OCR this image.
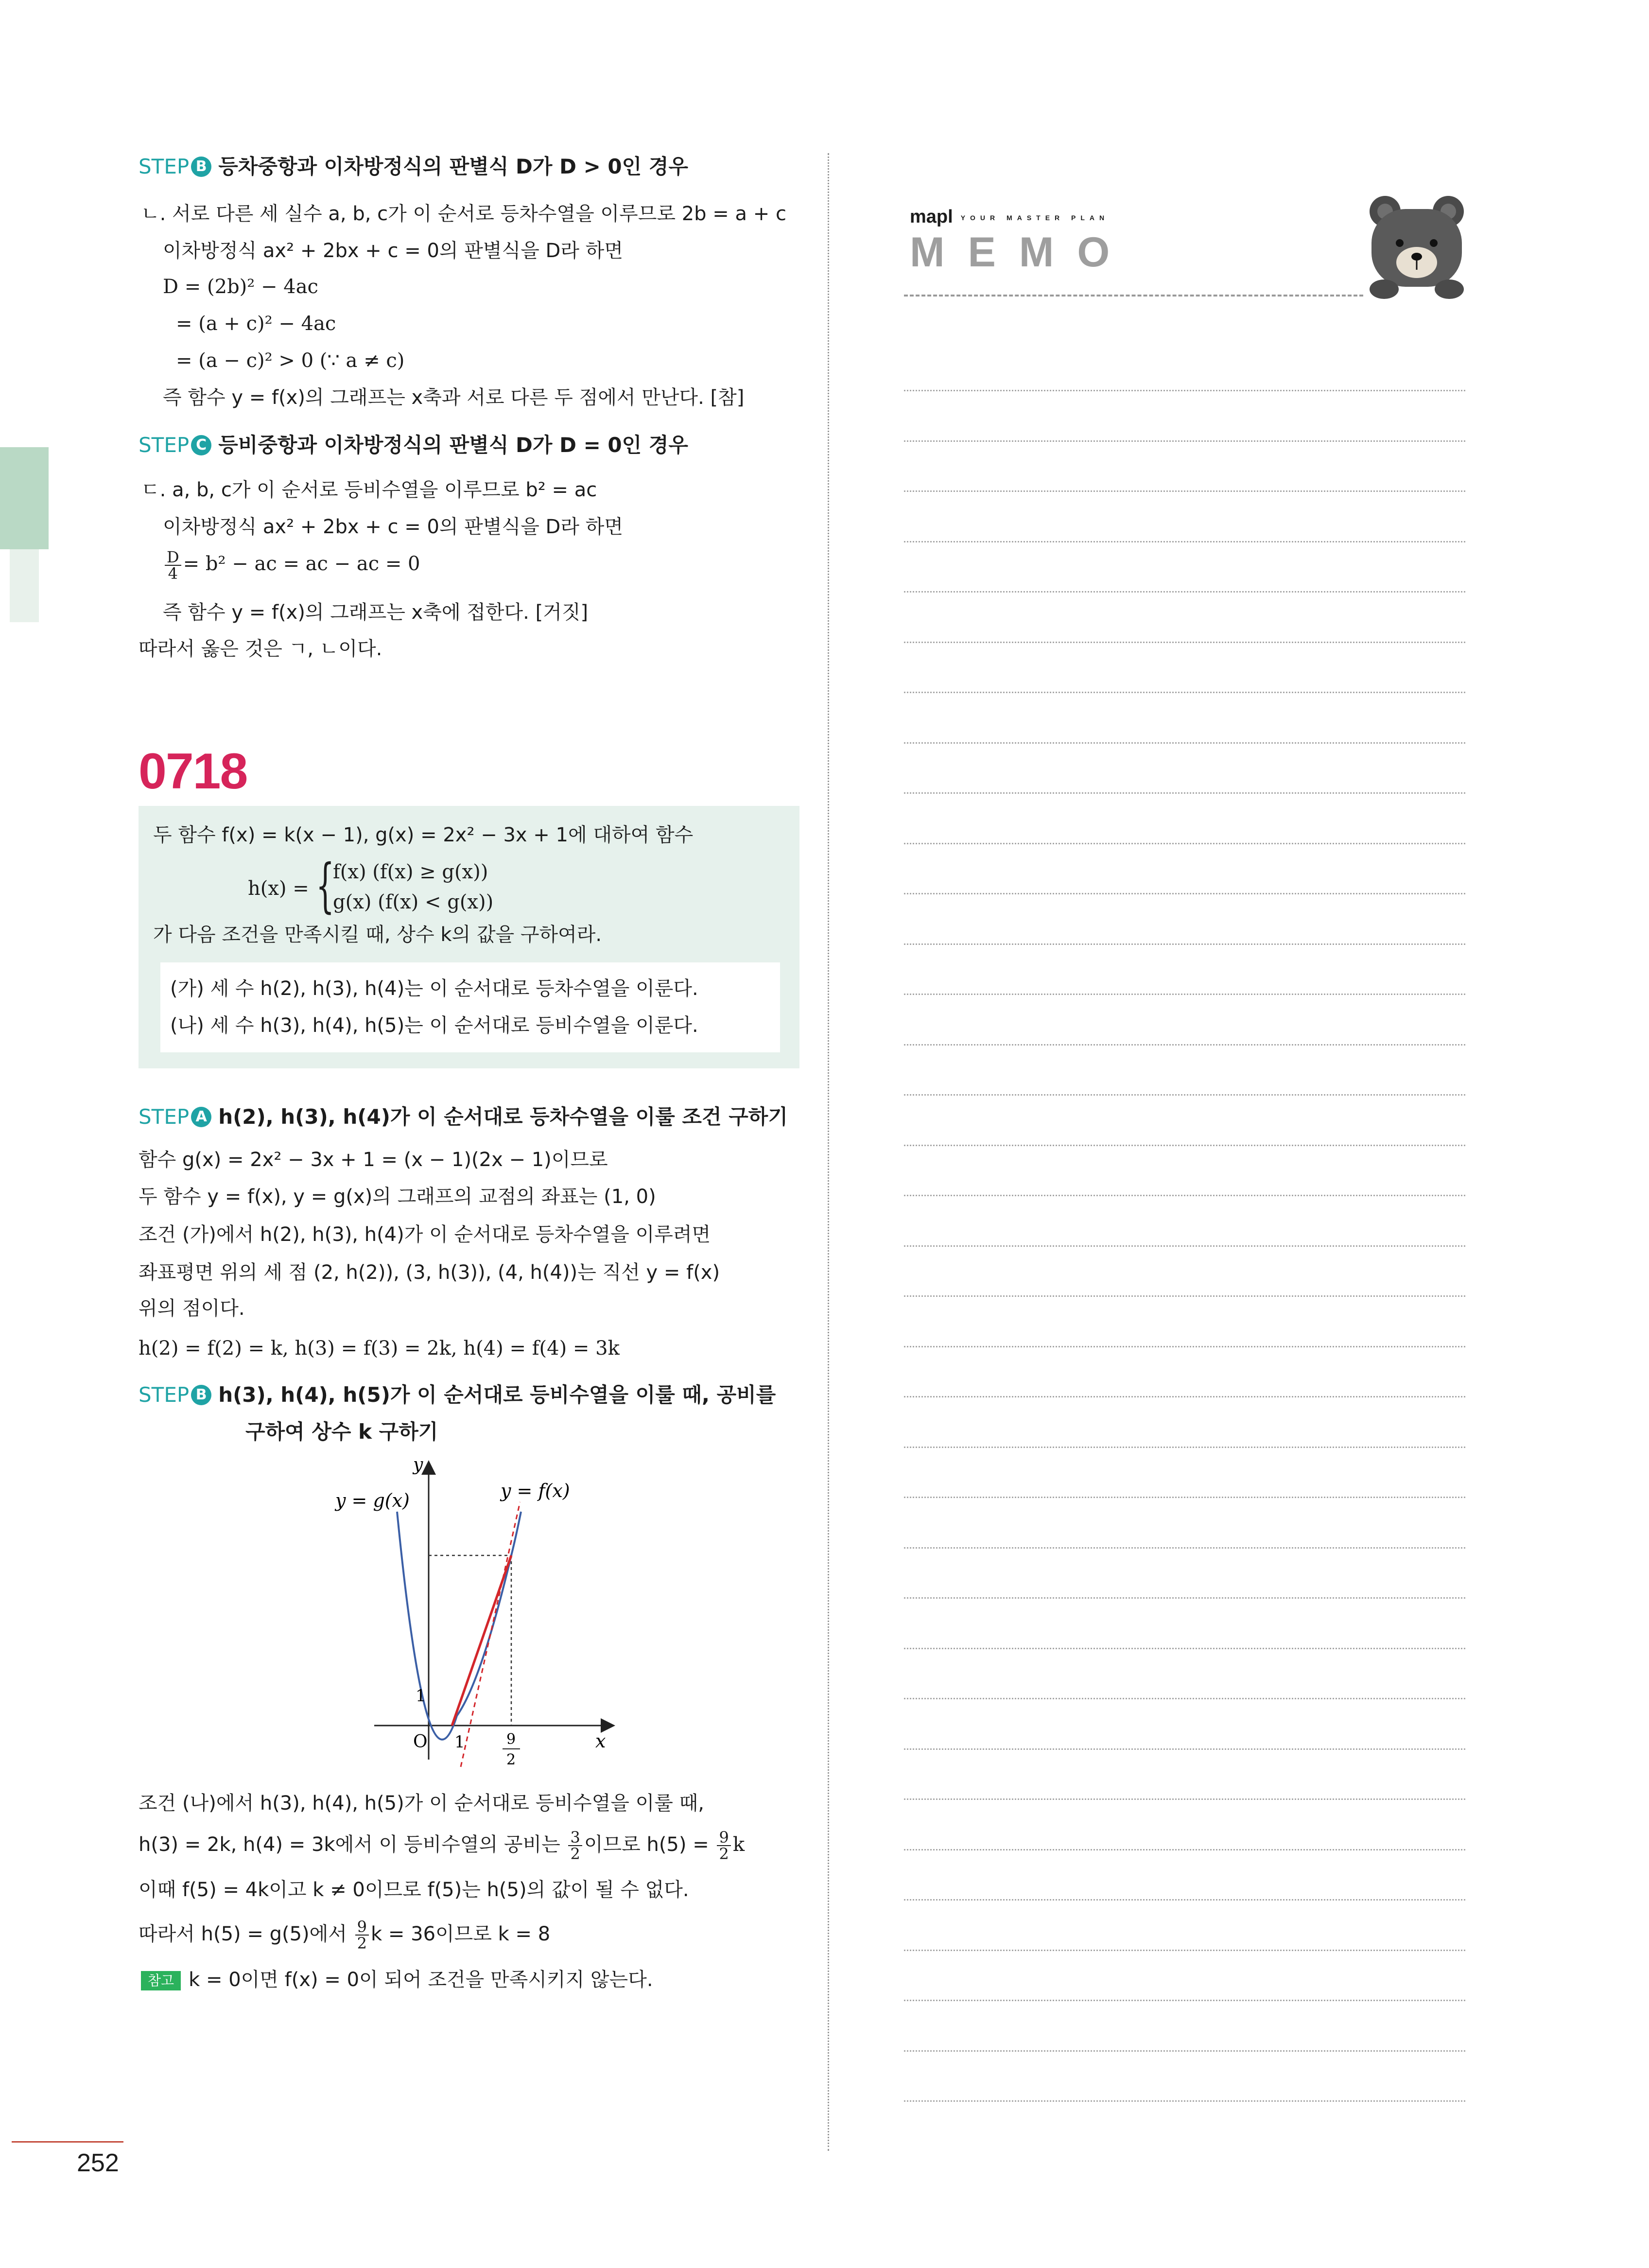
STEP B 등차중항과 이차방정식의 판별식 D가 D > 0인 경우
ㄴ. 서로 다른 세 실수 a, b, c가 이 순서로 등차수열을 이루므로 2b = a + c
이차방정식 ax² + 2bx + c = 0의 판별식을 D라 하면
D = (2b)² − 4ac
= (a + c)² − 4ac
= (a − c)² > 0 (∵ a ≠ c)
즉 함수 y = f(x)의 그래프는 x축과 서로 다른 두 점에서 만난다. [참]
STEP C 등비중항과 이차방정식의 판별식 D가 D = 0인 경우
ㄷ. a, b, c가 이 순서로 등비수열을 이루므로 b² = ac
이차방정식 ax² + 2bx + c = 0의 판별식을 D라 하면
$\frac{D}{4} = b^2$ − ac = ac − ac = 0
즉 함수 y = f(x)의 그래프는 x축에 접한다. [거짓]
따라서 옳은 것은 ㄱ, ㄴ이다.
0718
두 함수 f(x) = k(x − 1), g(x) = 2x² − 3x + 1에 대하여 함수
h(x) = {
f(x) (f(x) ≥ g(x))
g(x) (f(x) < g(x))
가 다음 조건을 만족시킬 때, 상수 k의 값을 구하여라.
(가) 세 수 h(2), h(3), h(4)는 이 순서대로 등차수열을 이룬다.
(나) 세 수 h(3), h(4), h(5)는 이 순서대로 등비수열을 이룬다.
STEP A h(2), h(3), h(4)가 이 순서대로 등차수열을 이룰 조건 구하기
함수 g(x) = 2x² − 3x + 1 = (x − 1)(2x − 1)이므로
두 함수 y = f(x), y = g(x)의 그래프의 교점의 좌표는 (1, 0)
조건 (가)에서 h(2), h(3), h(4)가 이 순서대로 등차수열을 이루려면
좌표평면 위의 세 점 (2, h(2)), (3, h(3)), (4, h(4))는 직선 y = f(x)
위의 점이다.
h(2) = f(2) = k, h(3) = f(3) = 2k, h(4) = f(4) = 3k
STEP B h(3), h(4), h(5)가 이 순서대로 등비수열을 이룰 때, 공비를
구하여 상수 k 구하기
y
x
O
1
1	9
2
y = g(x)	y = f(x)
조건 (나)에서 h(3), h(4), h(5)가 이 순서대로 등비수열을 이룰 때,
h(3) = 2k, h(4) = 3k에서 이 등비수열의 공비는 $\frac{3}{2}$ 이므로 $h(5) = \frac{9}{2}$ k
이때 f(5) = 4k이고 k ≠ 0이므로 f(5)는 h(5)의 값이 될 수 없다.
따라서 h(5) = g(5)에서 $\frac{9}{2}$ k = 36이므로 k = 8
참고 k = 0이면 f(x) = 0이 되어 조건을 만족시키지 않는다.
252
mapl YOUR MASTER PLAN
M E M O
